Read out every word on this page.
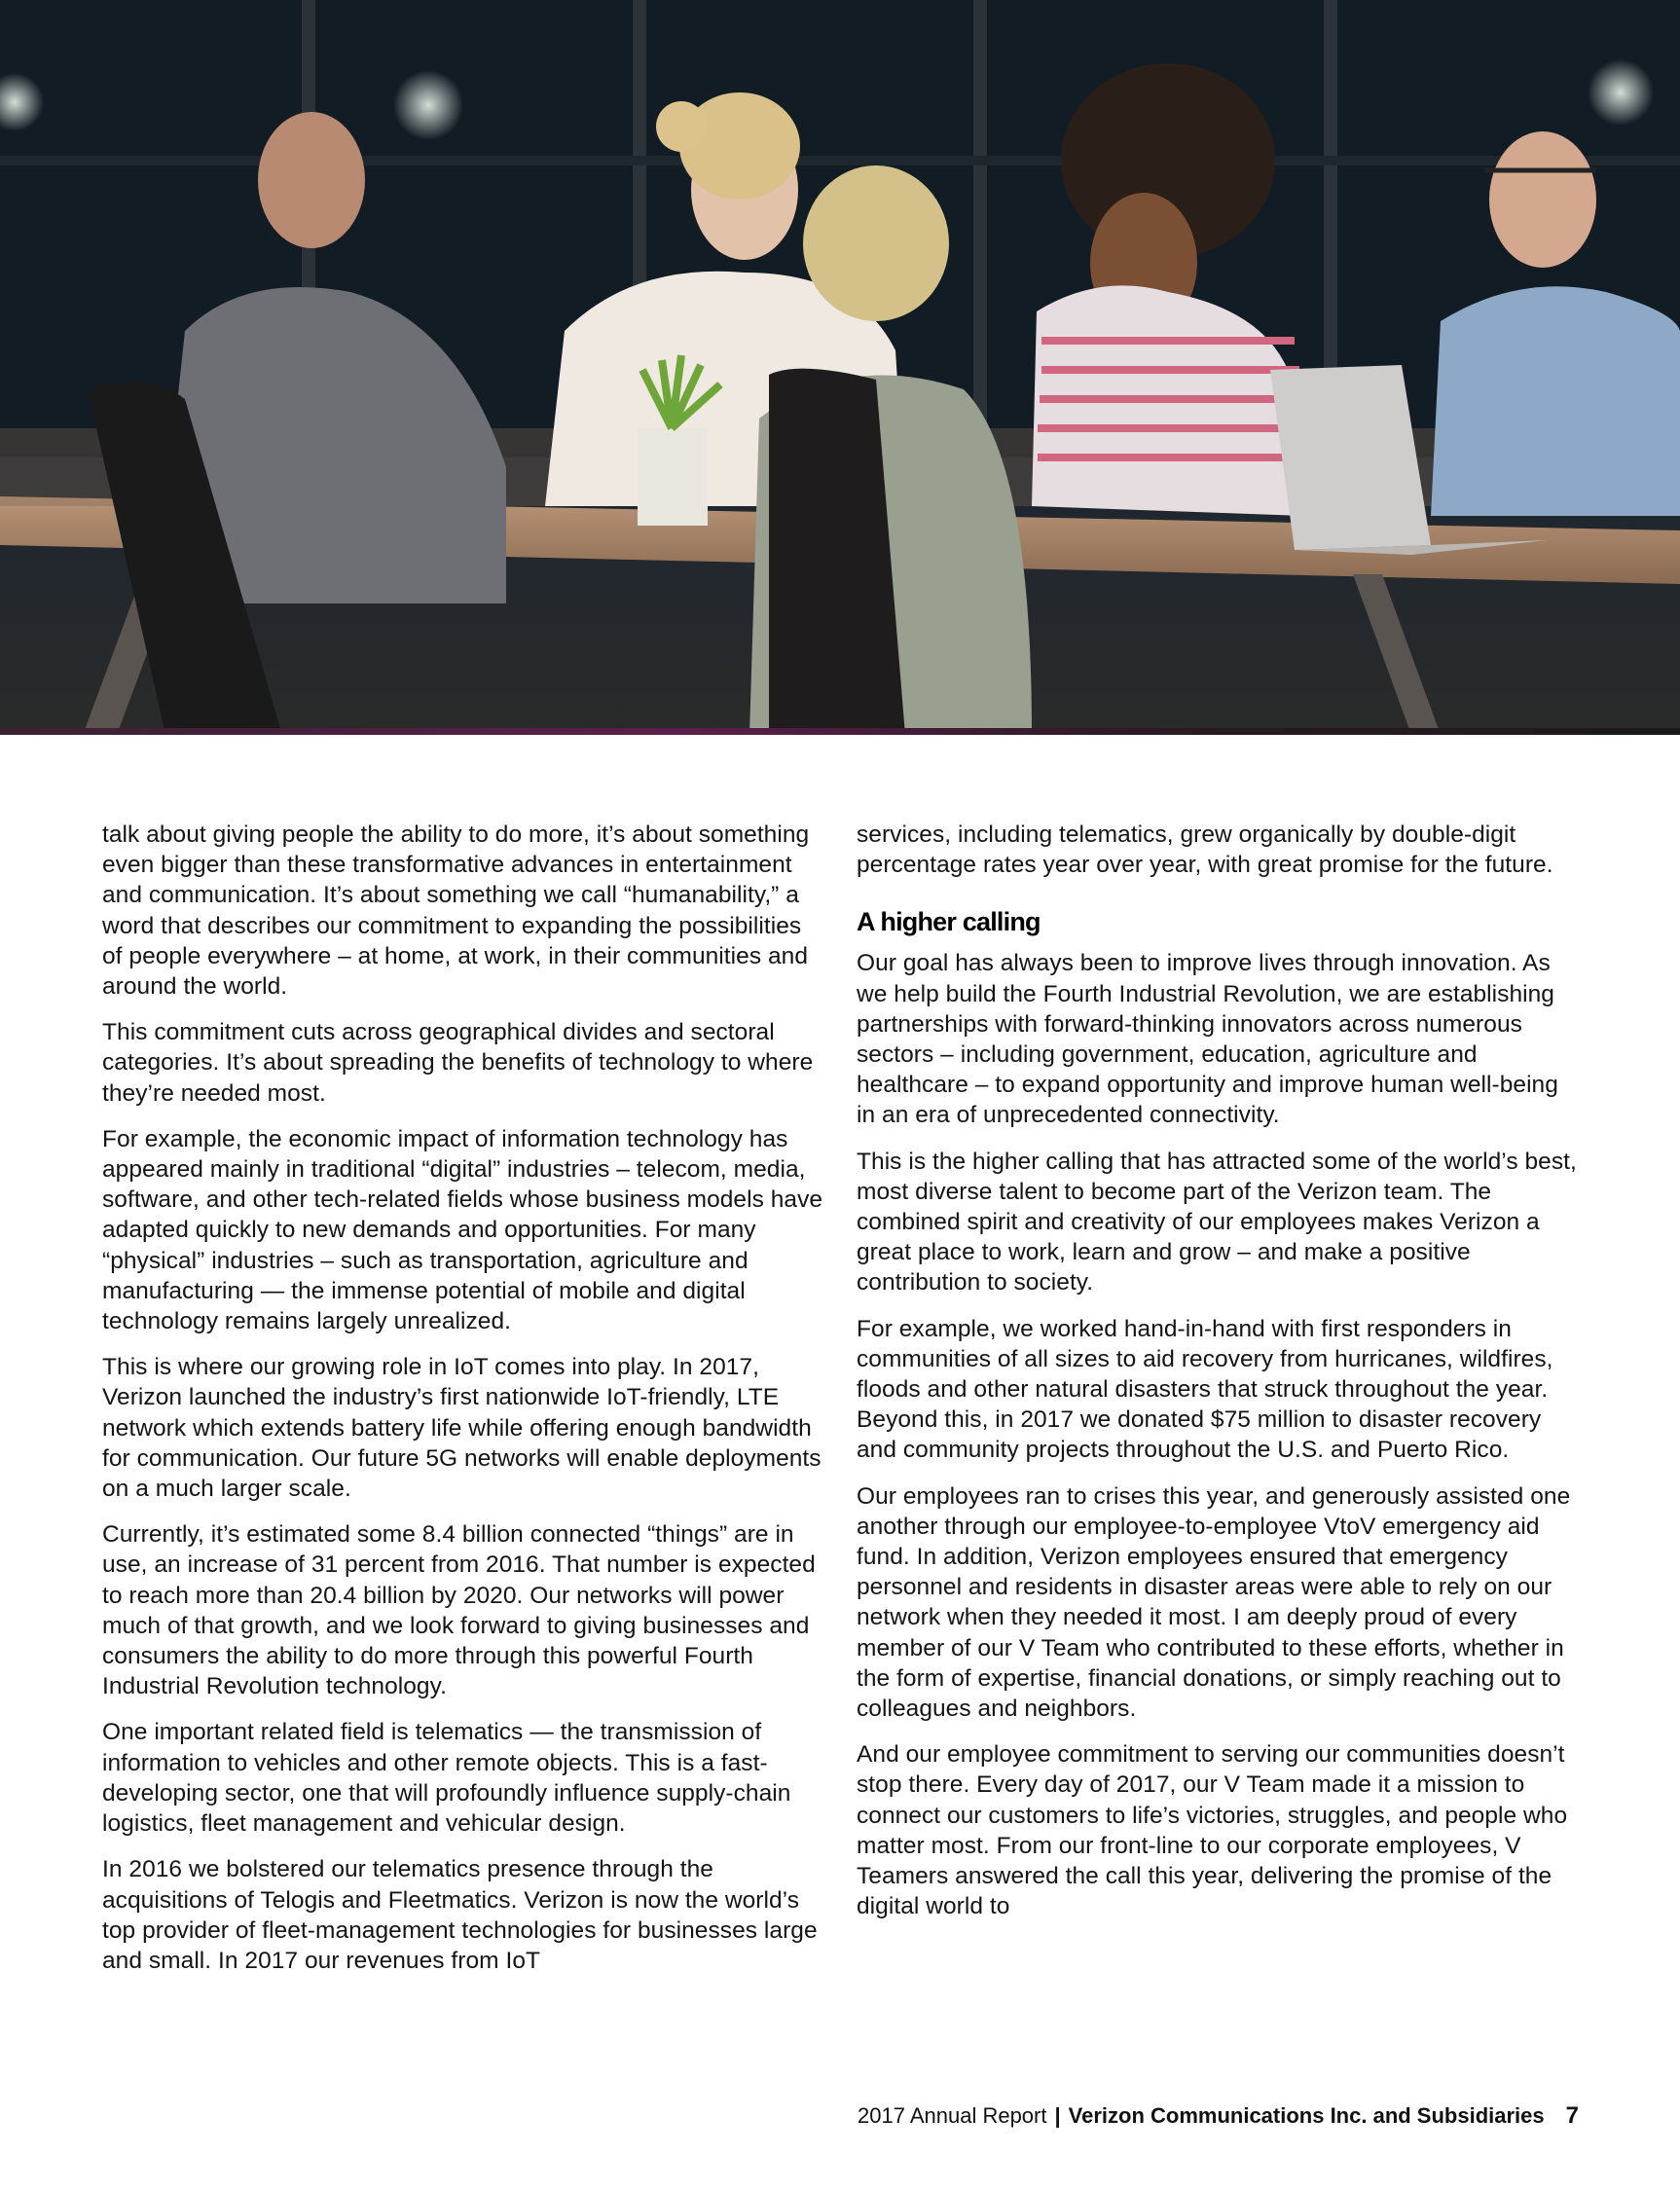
talk about giving people the ability to do more, it’s about something even bigger than these transformative advances in entertainment and communication. It’s about something we call “humanability,” a word that describes our commitment to expanding the possibilities of people everywhere – at home, at work, in their communities and around the world.

This commitment cuts across geographical divides and sectoral categories. It’s about spreading the benefits of technology to where they’re needed most.

For example, the economic impact of information technology has appeared mainly in traditional “digital” industries – telecom, media, software, and other tech-related fields whose business models have adapted quickly to new demands and opportunities. For many “physical” industries – such as transportation, agriculture and manufacturing — the immense potential of mobile and digital technology remains largely unrealized.

This is where our growing role in IoT comes into play. In 2017, Verizon launched the industry’s first nationwide IoT-friendly, LTE network which extends battery life while offering enough bandwidth for communication. Our future 5G networks will enable deployments on a much larger scale.

Currently, it’s estimated some 8.4 billion connected “things” are in use, an increase of 31 percent from 2016. That number is expected to reach more than 20.4 billion by 2020. Our networks will power much of that growth, and we look forward to giving businesses and consumers the ability to do more through this powerful Fourth Industrial Revolution technology.

One important related field is telematics — the transmission of information to vehicles and other remote objects. This is a fast-developing sector, one that will profoundly influence supply-chain logistics, fleet management and vehicular design.

In 2016 we bolstered our telematics presence through the acquisitions of Telogis and Fleetmatics. Verizon is now the world’s top provider of fleet-management technologies for businesses large and small. In 2017 our revenues from IoT

services, including telematics, grew organically by double-digit percentage rates year over year, with great promise for the future.

A higher calling

Our goal has always been to improve lives through innovation. As we help build the Fourth Industrial Revolution, we are establishing partnerships with forward-thinking innovators across numerous sectors – including government, education, agriculture and healthcare – to expand opportunity and improve human well-being in an era of unprecedented connectivity.

This is the higher calling that has attracted some of the world’s best, most diverse talent to become part of the Verizon team. The combined spirit and creativity of our employees makes Verizon a great place to work, learn and grow – and make a positive contribution to society.

For example, we worked hand-in-hand with first responders in communities of all sizes to aid recovery from hurricanes, wildfires, floods and other natural disasters that struck throughout the year. Beyond this, in 2017 we donated $75 million to disaster recovery and community projects throughout the U.S. and Puerto Rico.

Our employees ran to crises this year, and generously assisted one another through our employee-to-employee VtoV emergency aid fund. In addition, Verizon employees ensured that emergency personnel and residents in disaster areas were able to rely on our network when they needed it most. I am deeply proud of every member of our V Team who contributed to these efforts, whether in the form of expertise, financial donations, or simply reaching out to colleagues and neighbors.

And our employee commitment to serving our communities doesn’t stop there. Every day of 2017, our V Team made it a mission to connect our customers to life’s victories, struggles, and people who matter most. From our front-line to our corporate employees, V Teamers answered the call this year, delivering the promise of the digital world to

2017 Annual Report | Verizon Communications Inc. and Subsidiaries 7
